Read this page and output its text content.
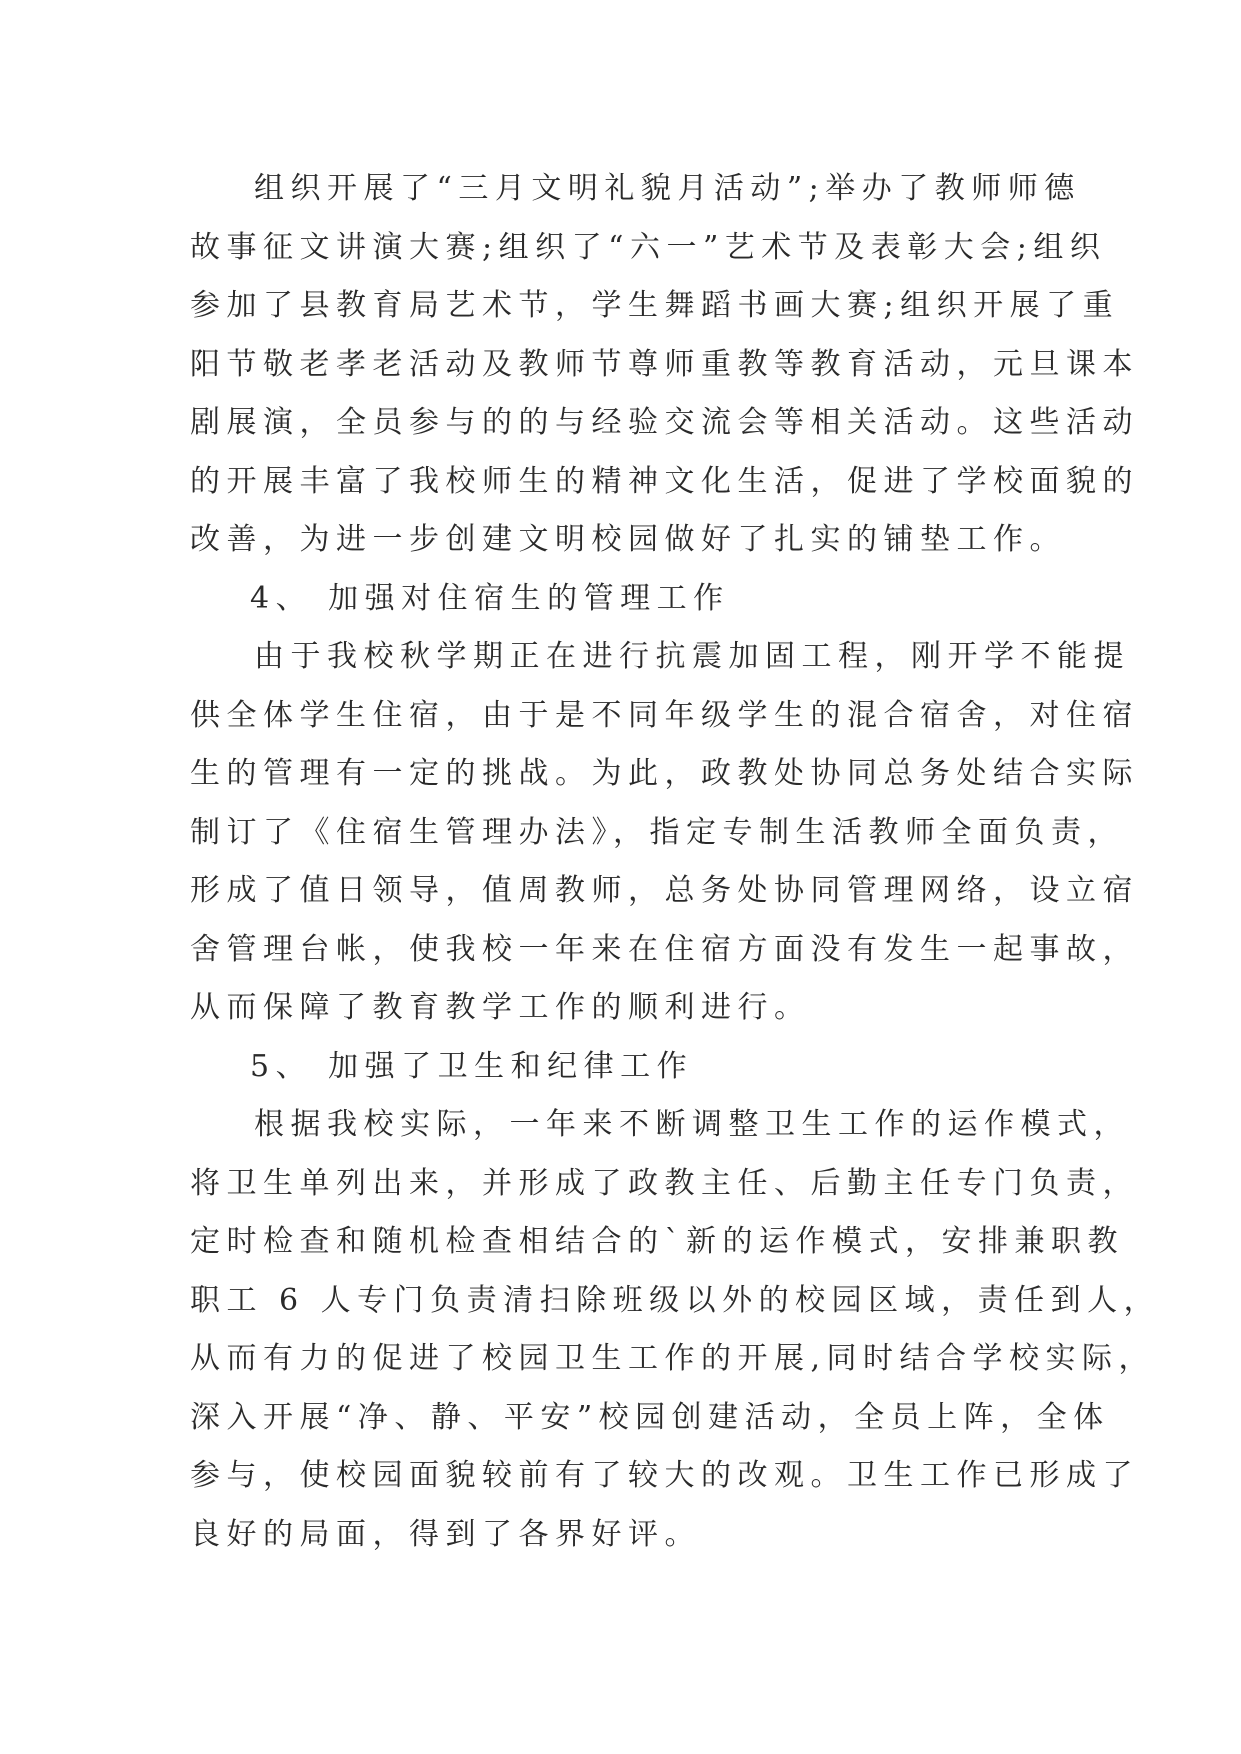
组织开展了“三月文明礼貌月活动”;举办了教师师德
故事征文讲演大赛;组织了“六一”艺术节及表彰大会;组织
参加了县教育局艺术节，学生舞蹈书画大赛;组织开展了重
阳节敬老孝老活动及教师节尊师重教等教育活动，元旦课本
剧展演，全员参与的的与经验交流会等相关活动。这些活动
的开展丰富了我校师生的精神文化生活，促进了学校面貌的
改善，为进一步创建文明校园做好了扎实的铺垫工作。
4、 加强对住宿生的管理工作
由于我校秋学期正在进行抗震加固工程，刚开学不能提
供全体学生住宿，由于是不同年级学生的混合宿舍，对住宿
生的管理有一定的挑战。为此，政教处协同总务处结合实际
制订了《住宿生管理办法》，指定专制生活教师全面负责，
形成了值日领导，值周教师，总务处协同管理网络，设立宿
舍管理台帐，使我校一年来在住宿方面没有发生一起事故，
从而保障了教育教学工作的顺利进行。
5、 加强了卫生和纪律工作
根据我校实际，一年来不断调整卫生工作的运作模式，
将卫生单列出来，并形成了政教主任、后勤主任专门负责，
定时检查和随机检查相结合的`新的运作模式，安排兼职教
职工 6 人专门负责清扫除班级以外的校园区域，责任到人，
从而有力的促进了校园卫生工作的开展,同时结合学校实际，
深入开展“净、静、平安”校园创建活动，全员上阵，全体
参与，使校园面貌较前有了较大的改观。卫生工作已形成了
良好的局面，得到了各界好评。
